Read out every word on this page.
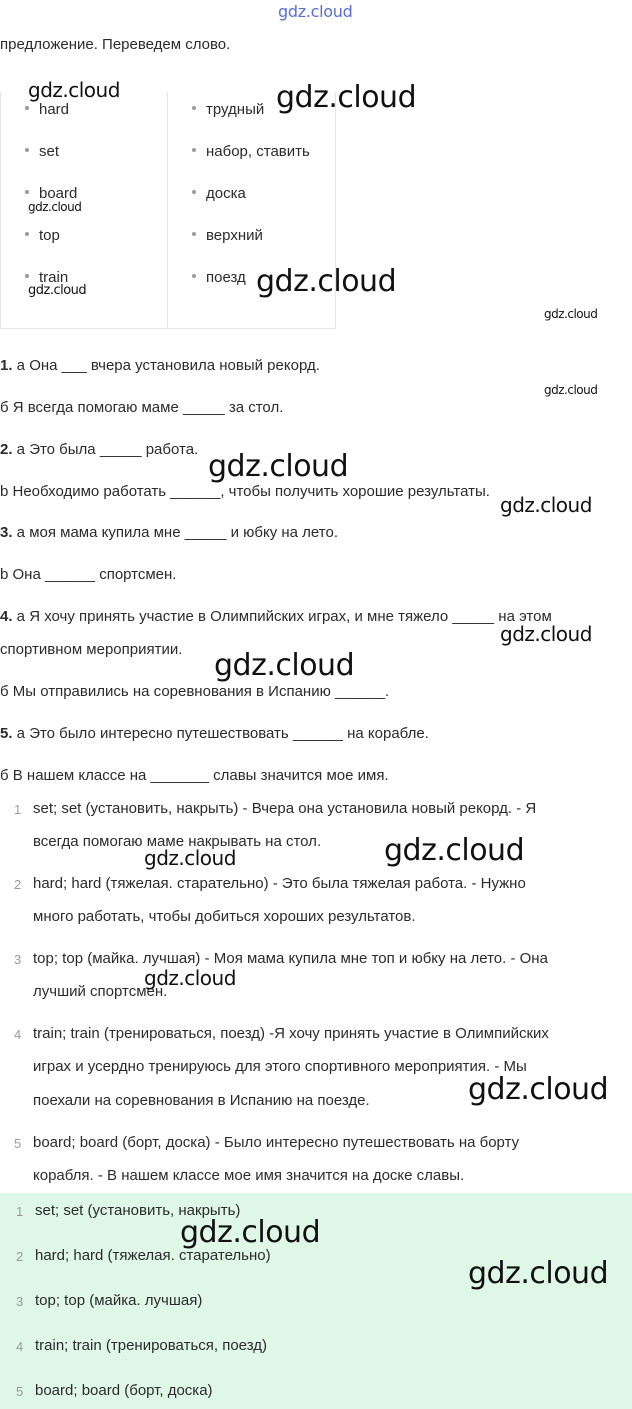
gdz.cloud
предложение. Переведем слово.
hard
set
board
top
train
трудный
набор, ставить
доска
верхний
поезд
1. а Она ___ вчера установила новый рекорд.
б Я всегда помогаю маме _____ за стол.
2. а Это была _____ работа.
b Необходимо работать ______, чтобы получить хорошие результаты.
3. а моя мама купила мне _____ и юбку на лето.
b Она ______ спортсмен.
4. а Я хочу принять участие в Олимпийских играх, и мне тяжело _____ на этом
спортивном мероприятии.
б Мы отправились на соревнования в Испанию ______.
5. а Это было интересно путешествовать ______ на корабле.
б В нашем классе на _______ славы значится мое имя.
1 set; set (установить, накрыть) - Вчера она установила новый рекорд. - Я
всегда помогаю маме накрывать на стол.
2 hard; hard (тяжелая. старательно) - Это была тяжелая работа. - Нужно
много работать, чтобы добиться хороших результатов.
3 top; top (майка. лучшая) - Моя мама купила мне топ и юбку на лето. - Она
лучший спортсмен.
4 train; train (тренироваться, поезд) -Я хочу принять участие в Олимпийских
играх и усердно тренируюсь для этого спортивного мероприятия. - Мы
поехали на соревнования в Испанию на поезде.
5 board; board (борт, доска) - Было интересно путешествовать на борту
корабля. - В нашем классе мое имя значится на доске славы.
1 set; set (установить, накрыть)
2 hard; hard (тяжелая. старательно)
3 top; top (майка. лучшая)
4 train; train (тренироваться, поезд)
5 board; board (борт, доска)
gdz.cloud	gdz.cloud
gdz.cloud
gdz.cloud
gdz.cloud
gdz.cloud
gdz.cloud
gdz.cloud
gdz.cloud
gdz.cloud
gdz.cloud
gdz.cloud
gdz.cloud
gdz.cloud
gdz.cloud
gdz.cloud
gdz.cloud
